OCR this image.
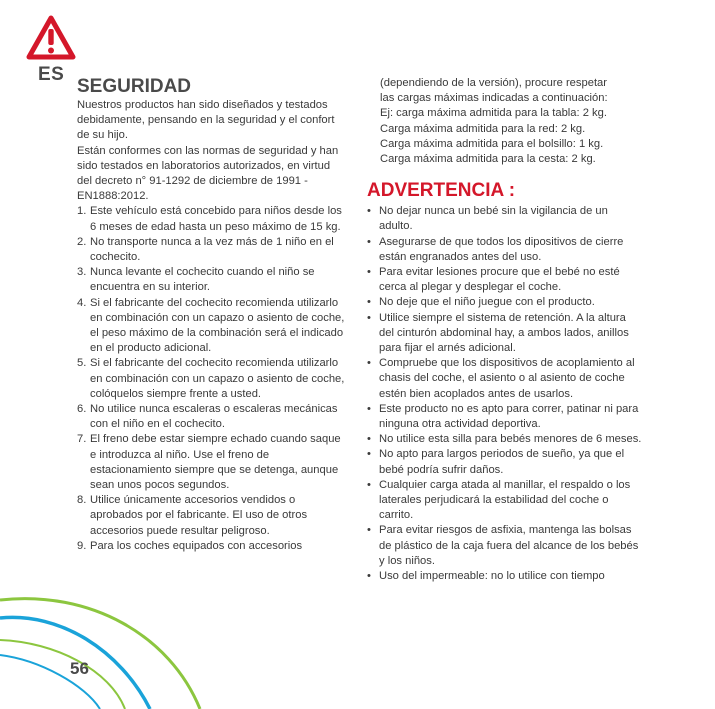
ES
SEGURIDAD

Nuestros productos han sido diseñados y testados debidamente, pensando en la seguridad y el confort de su hijo.

Están conformes con las normas de seguridad y han sido testados en laboratorios autorizados, en virtud del decreto n° 91-1292 de diciembre de 1991 - EN1888:2012.

1. Este vehículo está concebido para niños desde los 6 meses de edad hasta un peso máximo de 15 kg.
2. No transporte nunca a la vez más de 1 niño en el cochecito.
3. Nunca levante el cochecito cuando el niño se encuentra en su interior.
4. Si el fabricante del cochecito recomienda utilizarlo en combinación con un capazo o asiento de coche, el peso máximo de la combinación será el indicado en el producto adicional.
5. Si el fabricante del cochecito recomienda utilizarlo en combinación con un capazo o asiento de coche, colóquelos siempre frente a usted.
6. No utilice nunca escaleras o escaleras mecánicas con el niño en el cochecito.
7. El freno debe estar siempre echado cuando saque e introduzca al niño. Use el freno de estacionamiento siempre que se detenga, aunque sean unos pocos segundos.
8. Utilice únicamente accesorios vendidos o aprobados por el fabricante. El uso de otros accesorios puede resultar peligroso.
9. Para los coches equipados con accesorios
(dependiendo de la versión), procure respetar
las cargas máximas indicadas a continuación:
Ej: carga máxima admitida para la tabla: 2 kg.
Carga máxima admitida para la red: 2 kg.
Carga máxima admitida para el bolsillo: 1 kg.
Carga máxima admitida para la cesta: 2 kg.
ADVERTENCIA :
• No dejar nunca un bebé sin la vigilancia de un adulto.
• Asegurarse de que todos los dipositivos de cierre están engranados antes del uso.
• Para evitar lesiones procure que el bebé no esté cerca al plegar y desplegar el coche.
• No deje que el niño juegue con el producto.
• Utilice siempre el sistema de retención. A la altura del cinturón abdominal hay, a ambos lados, anillos para fijar el arnés adicional.
• Compruebe que los dispositivos de acoplamiento al chasis del coche, el asiento o al asiento de coche estén bien acoplados antes de usarlos.
• Este producto no es apto para correr, patinar ni para ninguna otra actividad deportiva.
• No utilice esta silla para bebés menores de 6 meses.
• No apto para largos periodos de sueño, ya que el bebé podría sufrir daños.
• Cualquier carga atada al manillar, el respaldo o los laterales perjudicará la estabilidad del coche o carrito.
• Para evitar riesgos de asfixia, mantenga las bolsas de plástico de la caja fuera del alcance de los bebés y los niños.
• Uso del impermeable: no lo utilice con tiempo
56
